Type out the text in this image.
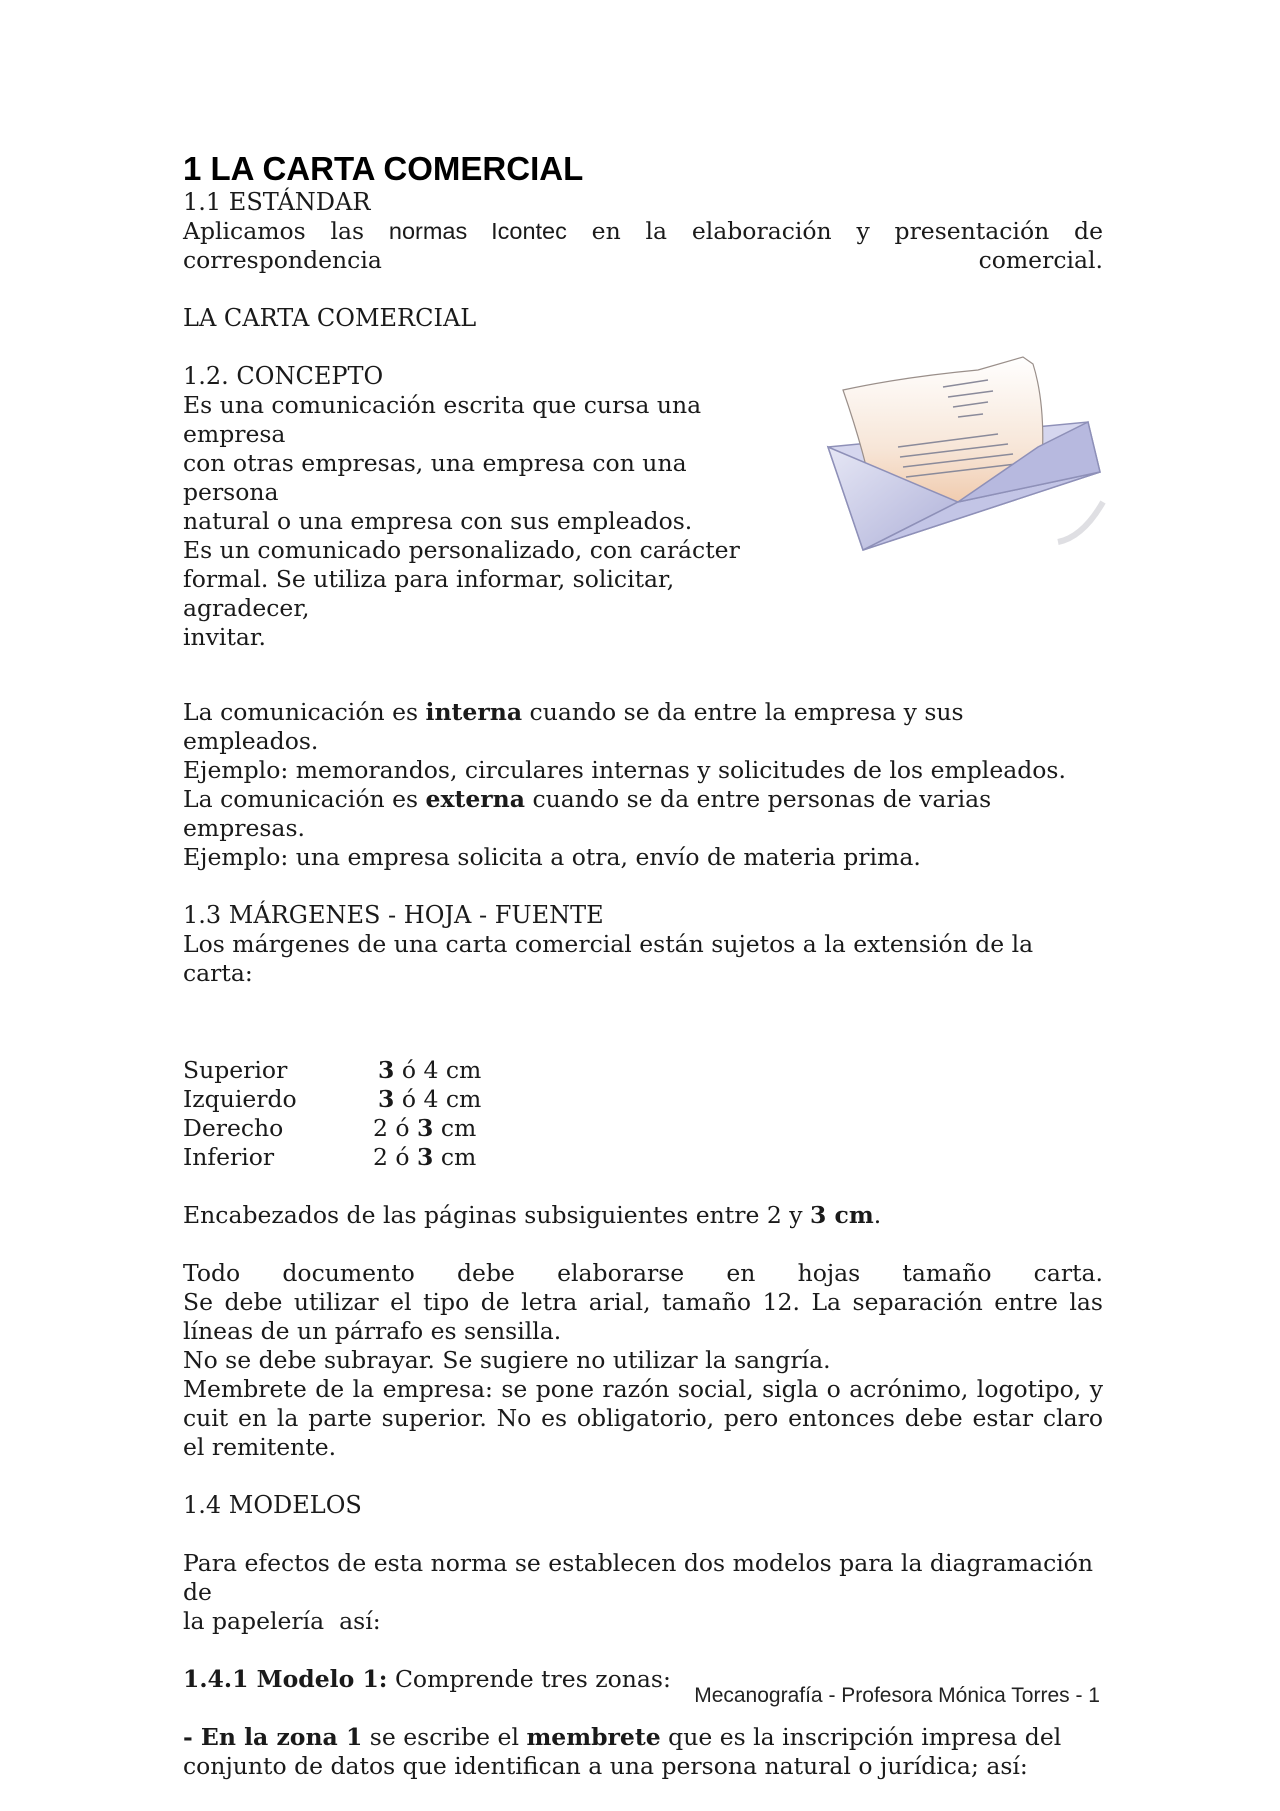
1 LA CARTA COMERCIAL

1.1 ESTÁNDAR

Aplicamos las normas Icontec en la elaboración y presentación de correspondencia comercial.

LA CARTA COMERCIAL

1.2. CONCEPTO

Es una comunicación escrita que cursa una empresa

con otras empresas, una empresa con una persona

natural o una empresa con sus empleados.

Es un comunicado personalizado, con carácter

formal. Se utiliza para informar, solicitar, agradecer,

invitar.

La comunicación es interna cuando se da entre la empresa y sus empleados.

Ejemplo: memorandos, circulares internas y solicitudes de los empleados.

La comunicación es externa cuando se da entre personas de varias empresas.

Ejemplo: una empresa solicita a otra, envío de materia prima.

1.3 MÁRGENES - HOJA - FUENTE

Los márgenes de una carta comercial están sujetos a la extensión de la carta:

Superior	3 ó 4 cm
Izquierdo	3 ó 4 cm
Derecho	2 ó 3 cm
Inferior	2 ó 3 cm

Encabezados de las páginas subsiguientes entre 2 y 3 cm.

Todo documento debe elaborarse en hojas tamaño carta.

Se debe utilizar el tipo de letra arial, tamaño 12. La separación entre las líneas de un párrafo es sensilla.

No se debe subrayar. Se sugiere no utilizar la sangría.

Membrete de la empresa: se pone razón social, sigla o acrónimo, logotipo, y cuit en la parte superior. No es obligatorio, pero entonces debe estar claro el remitente.

1.4 MODELOS

Para efectos de esta norma se establecen dos modelos para la diagramación de

la papelería  así:

1.4.1 Modelo 1: Comprende tres zonas:

- En la zona 1 se escribe el membrete que es la inscripción impresa del

conjunto de datos que identifican a una persona natural o jurídica; así:

Mecanografía - Profesora Mónica Torres - 1
